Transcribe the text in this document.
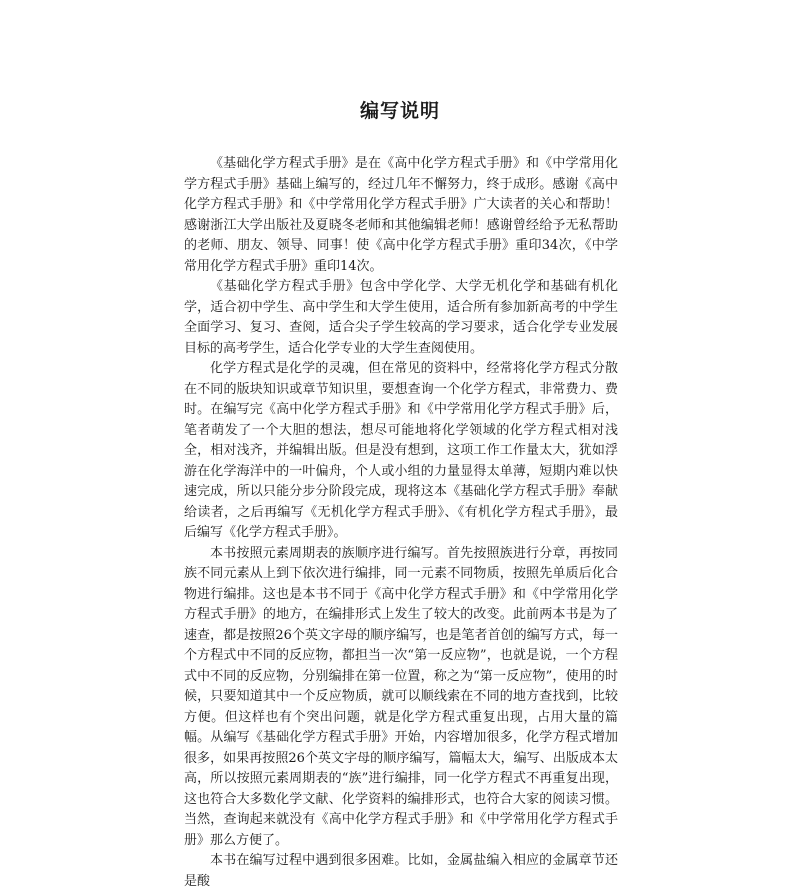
编写说明

《基础化学方程式手册》是在《高中化学方程式手册》和《中学常用化学方程式手册》基础上编写的，经过几年不懈努力，终于成形。感谢《高中化学方程式手册》和《中学常用化学方程式手册》广大读者的关心和帮助！感谢浙江大学出版社及夏晓冬老师和其他编辑老师！感谢曾经给予无私帮助的老师、朋友、领导、同事！使《高中化学方程式手册》重印34次，《中学常用化学方程式手册》重印14次。

《基础化学方程式手册》包含中学化学、大学无机化学和基础有机化学，适合初中学生、高中学生和大学生使用，适合所有参加新高考的中学生全面学习、复习、查阅，适合尖子学生较高的学习要求，适合化学专业发展目标的高考学生，适合化学专业的大学生查阅使用。

化学方程式是化学的灵魂，但在常见的资料中，经常将化学方程式分散在不同的版块知识或章节知识里，要想查询一个化学方程式，非常费力、费时。在编写完《高中化学方程式手册》和《中学常用化学方程式手册》后，笔者萌发了一个大胆的想法，想尽可能地将化学领域的化学方程式相对浅全，相对浅齐，并编辑出版。但是没有想到，这项工作工作量太大，犹如浮游在化学海洋中的一叶偏舟，个人或小组的力量显得太单薄，短期内难以快速完成，所以只能分步分阶段完成，现将这本《基础化学方程式手册》奉献给读者，之后再编写《无机化学方程式手册》、《有机化学方程式手册》，最后编写《化学方程式手册》。

本书按照元素周期表的族顺序进行编写。首先按照族进行分章，再按同族不同元素从上到下依次进行编排，同一元素不同物质，按照先单质后化合物进行编排。这也是本书不同于《高中化学方程式手册》和《中学常用化学方程式手册》的地方，在编排形式上发生了较大的改变。此前两本书是为了速查，都是按照26个英文字母的顺序编写，也是笔者首创的编写方式，每一个方程式中不同的反应物，都担当一次“第一反应物”，也就是说，一个方程式中不同的反应物，分别编排在第一位置，称之为“第一反应物”，使用的时候，只要知道其中一个反应物质，就可以顺线索在不同的地方查找到，比较方便。但这样也有个突出问题，就是化学方程式重复出现，占用大量的篇幅。从编写《基础化学方程式手册》开始，内容增加很多，化学方程式增加很多，如果再按照26个英文字母的顺序编写，篇幅太大，编写、出版成本太高，所以按照元素周期表的“族”进行编排，同一化学方程式不再重复出现，这也符合大多数化学文献、化学资料的编排形式，也符合大家的阅读习惯。当然，查询起来就没有《高中化学方程式手册》和《中学常用化学方程式手册》那么方便了。

本书在编写过程中遇到很多困难。比如，金属盐编入相应的金属章节还是酸
